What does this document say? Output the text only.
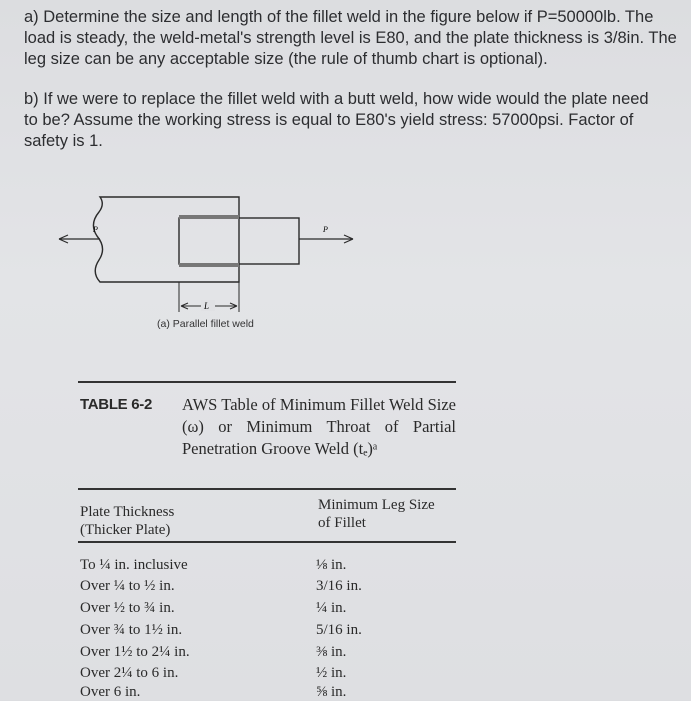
a) Determine the size and length of the fillet weld in the figure below if P=50000lb. The load is steady, the weld-metal's strength level is E80, and the plate thickness is 3/8in. The leg size can be any acceptable size (the rule of thumb chart is optional).

b) If we were to replace the fillet weld with a butt weld, how wide would the plate need to be? Assume the working stress is equal to E80's yield stress: 57000psi. Factor of safety is 1.

P	P
L
(a) Parallel fillet weld
TABLE 6-2 AWS Table of Minimum Fillet Weld Size (ω) or Minimum Throat of Partial Penetration Groove Weld (tₑ)ᵃ
Plate Thickness
(Thicker Plate)
Minimum Leg Size
of Fillet
To ¼ in. inclusive	⅛ in.
Over ¼ to ½ in.	3/16 in.
Over ½ to ¾ in.	¼ in.
Over ¾ to 1½ in.	5/16 in.
Over 1½ to 2¼ in.	⅜ in.
Over 2¼ to 6 in.	½ in.
Over 6 in.	⅝ in.
